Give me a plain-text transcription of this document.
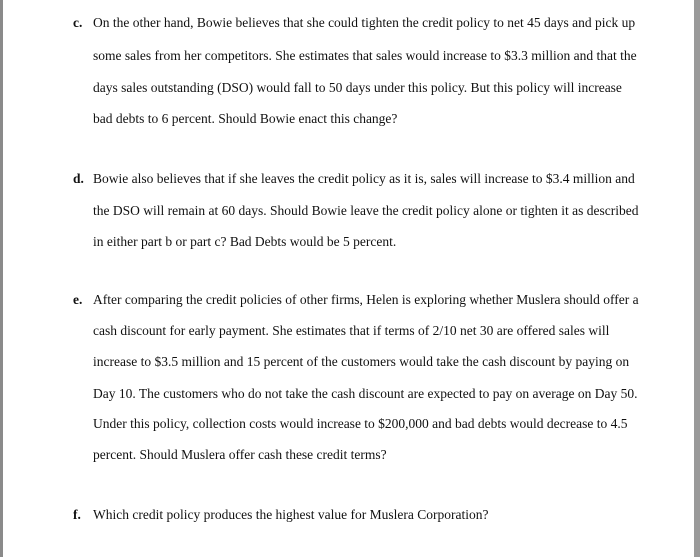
c. On the other hand, Bowie believes that she could tighten the credit policy to net 45 days and pick up
some sales from her competitors. She estimates that sales would increase to $3.3 million and that the
days sales outstanding (DSO) would fall to 50 days under this policy. But this policy will increase
bad debts to 6 percent. Should Bowie enact this change?
d. Bowie also believes that if she leaves the credit policy as it is, sales will increase to $3.4 million and
the DSO will remain at 60 days. Should Bowie leave the credit policy alone or tighten it as described
in either part b or part c? Bad Debts would be 5 percent.
e. After comparing the credit policies of other firms, Helen is exploring whether Muslera should offer a
cash discount for early payment. She estimates that if terms of 2/10 net 30 are offered sales will
increase to $3.5 million and 15 percent of the customers would take the cash discount by paying on
Day 10. The customers who do not take the cash discount are expected to pay on average on Day 50.
Under this policy, collection costs would increase to $200,000 and bad debts would decrease to 4.5
percent. Should Muslera offer cash these credit terms?
f. Which credit policy produces the highest value for Muslera Corporation?
